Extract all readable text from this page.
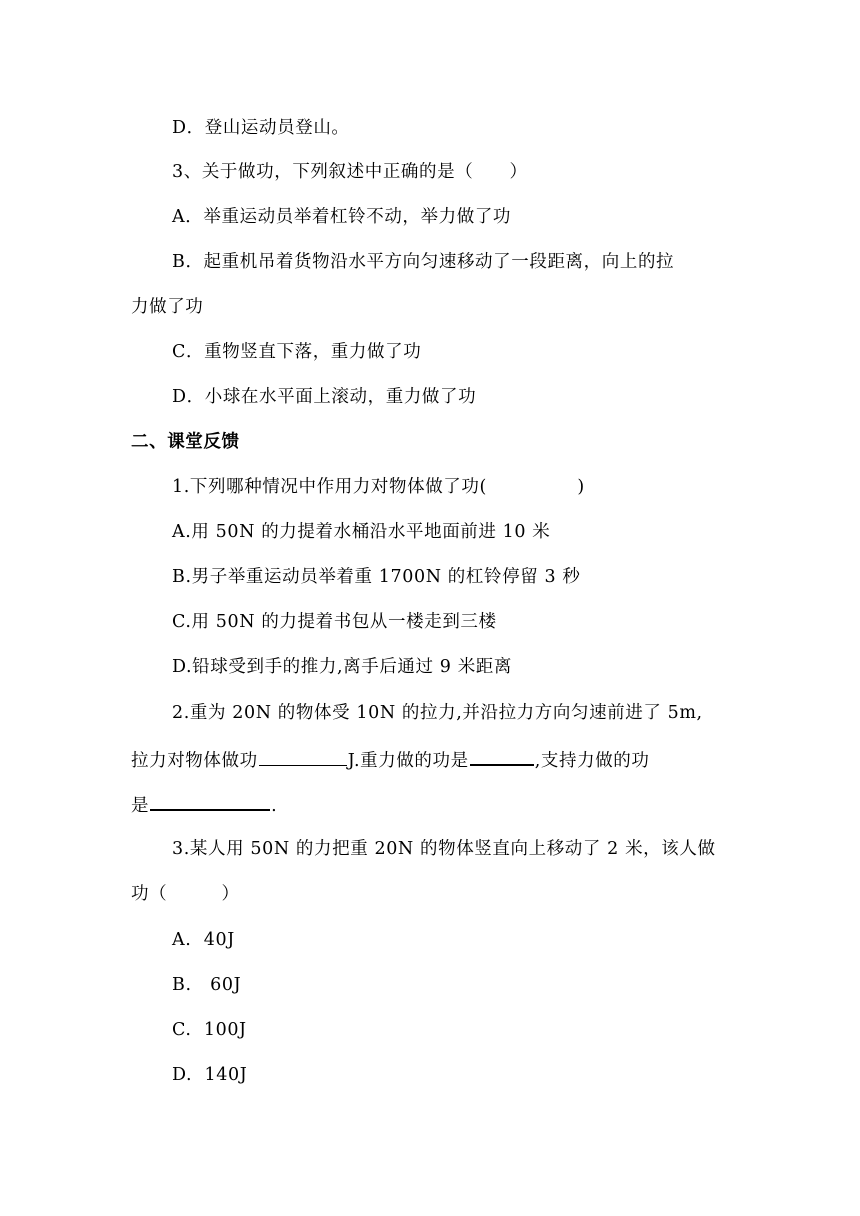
D．登山运动员登山。
3、关于做功，下列叙述中正确的是（　　）
A．举重运动员举着杠铃不动，举力做了功
B．起重机吊着货物沿水平方向匀速移动了一段距离，向上的拉
力做了功
C．重物竖直下落，重力做了功
D．小球在水平面上滚动，重力做了功
二、课堂反馈
1.下列哪种情况中作用力对物体做了功(　　　　　)
A.用 50N 的力提着水桶沿水平地面前进 10 米
B.男子举重运动员举着重 1700N 的杠铃停留 3 秒
C.用 50N 的力提着书包从一楼走到三楼
D.铅球受到手的推力,离手后通过 9 米距离
2.重为 20N 的物体受 10N 的拉力,并沿拉力方向匀速前进了 5m,
拉力对物体做功	J.重力做的功是	,支持力做的功
是	.
3.某人用 50N 的力把重 20N 的物体竖直向上移动了 2 米，该人做
功（　　　）
A.  40J
B.   60J
C.  100J
D.  140J
